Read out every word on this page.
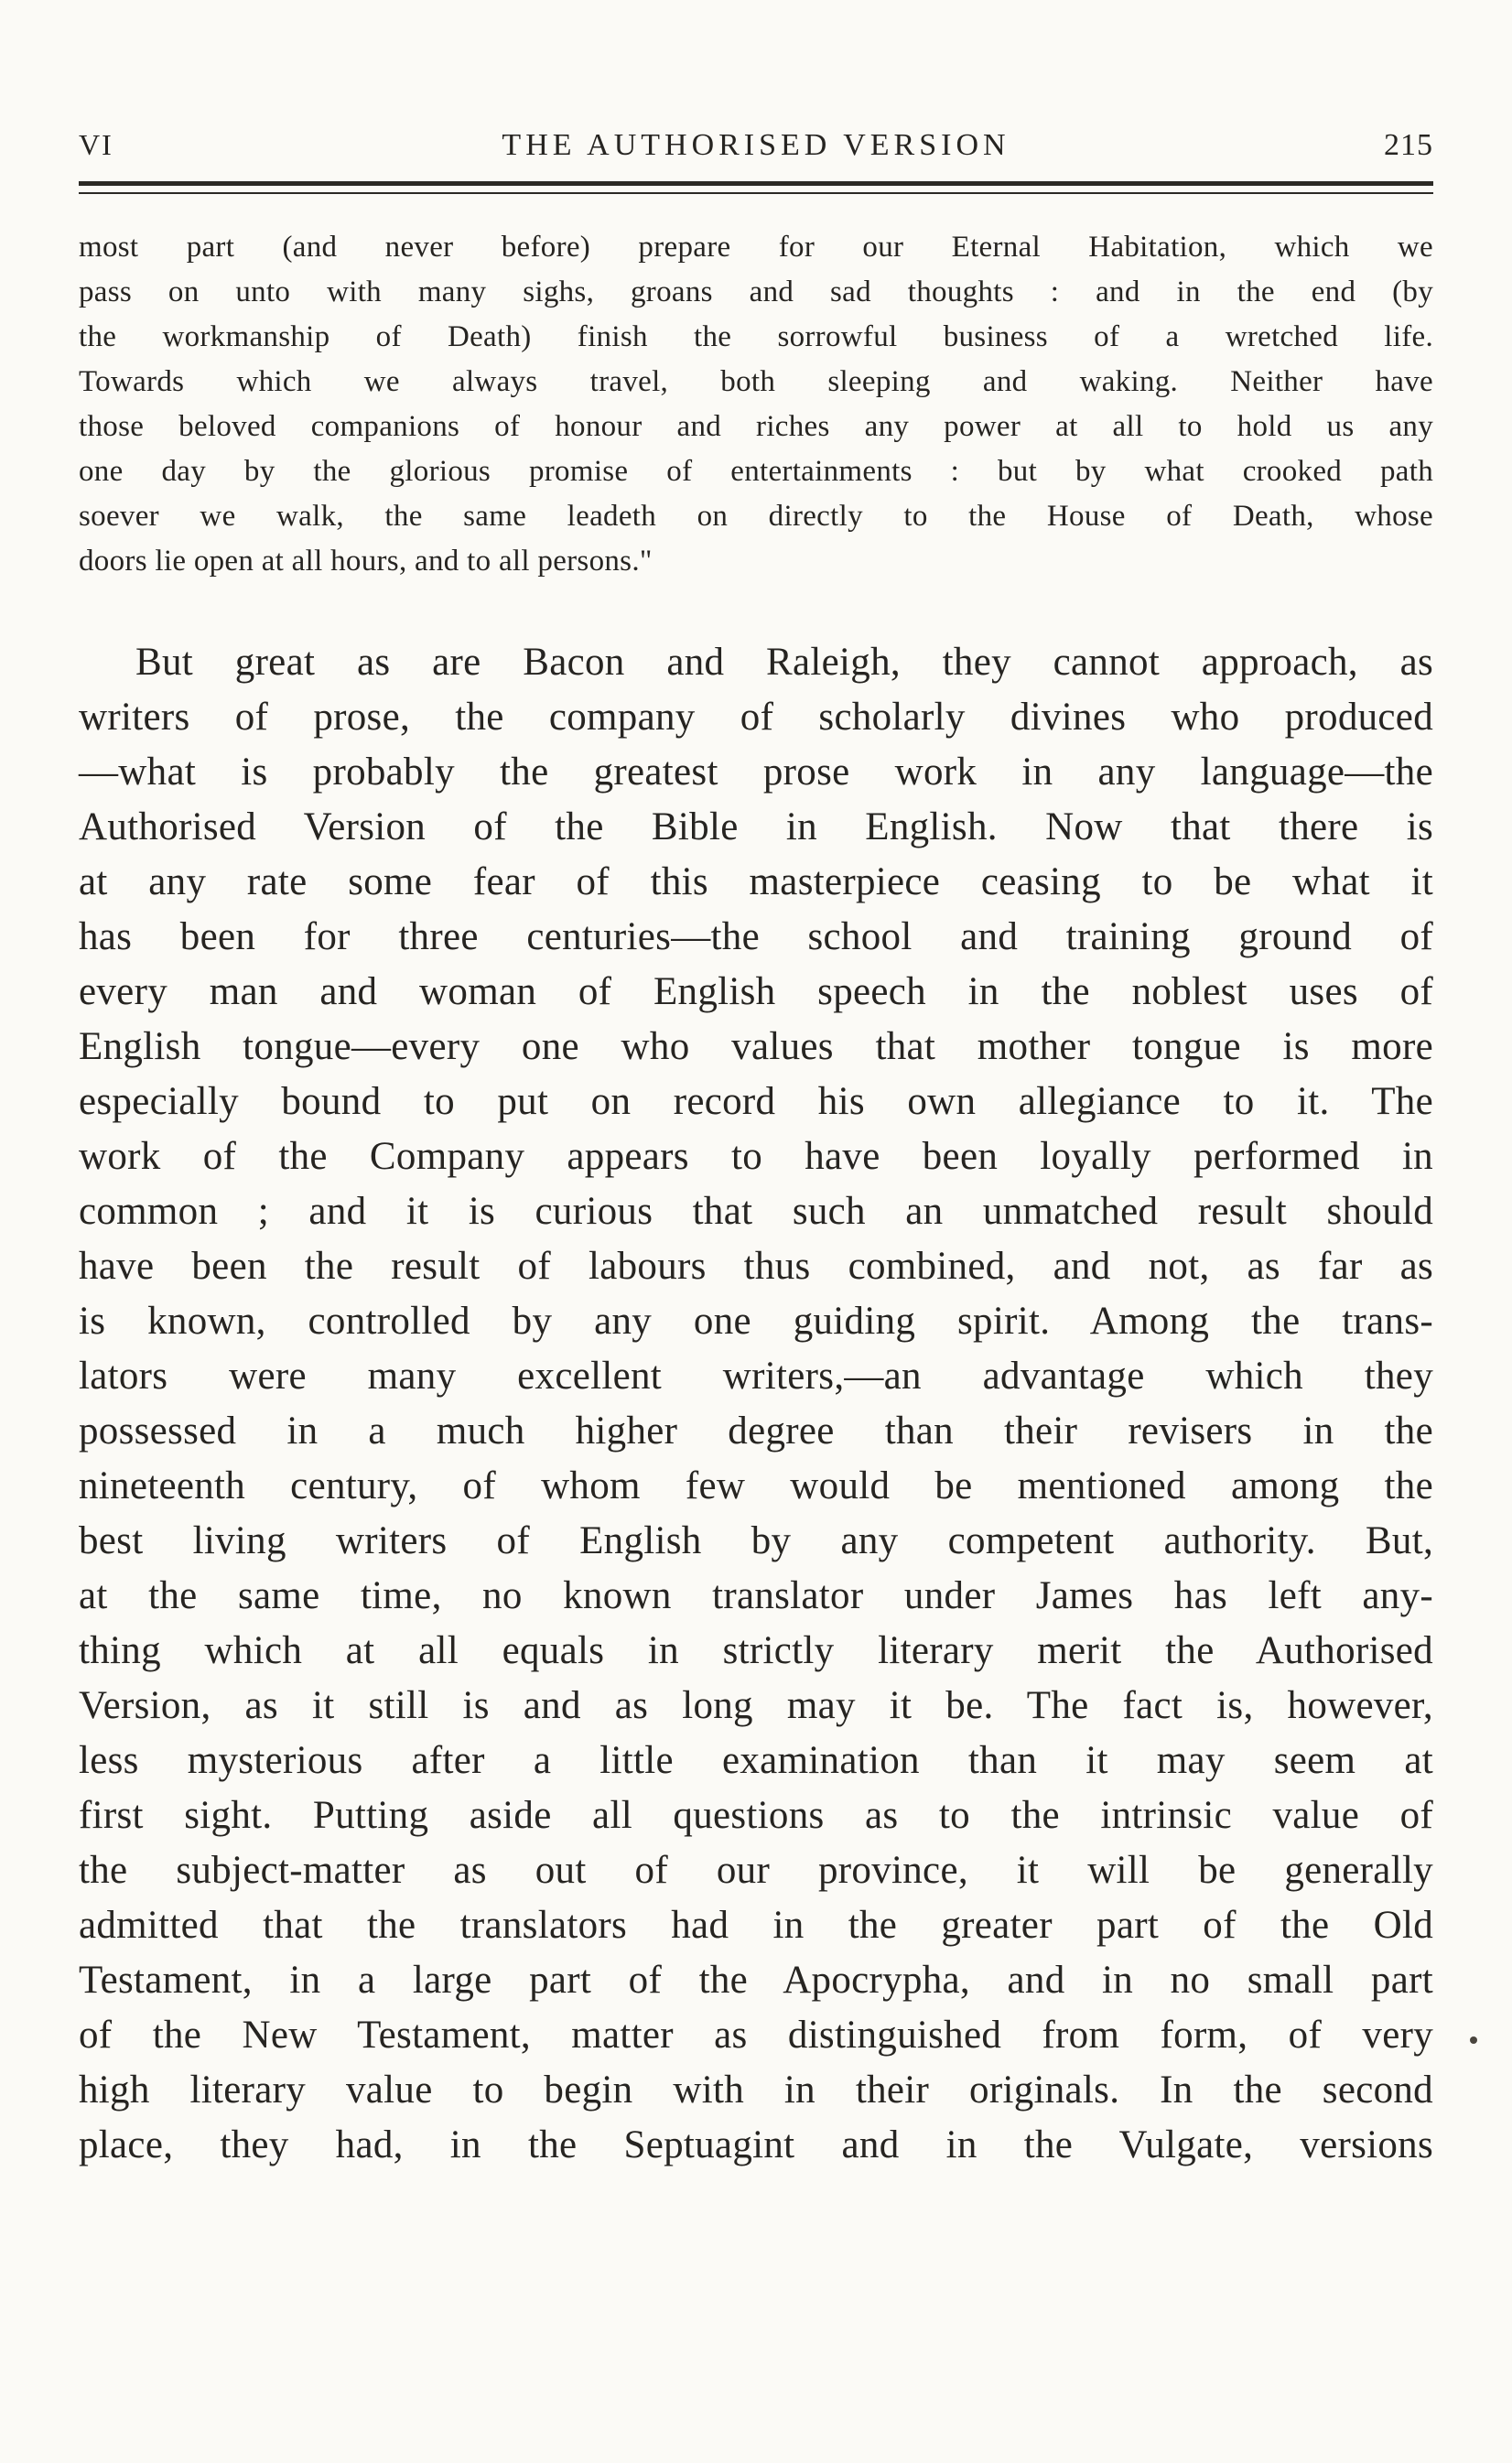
VI	THE AUTHORISED VERSION	215
most part (and never before) prepare for our Eternal Habitation, which we
pass on unto with many sighs, groans and sad thoughts : and in the end (by
the workmanship of Death) finish the sorrowful business of a wretched life.
Towards which we always travel, both sleeping and waking. Neither have
those beloved companions of honour and riches any power at all to hold us any
one day by the glorious promise of entertainments : but by what crooked path
soever we walk, the same leadeth on directly to the House of Death, whose
doors lie open at all hours, and to all persons."
But great as are Bacon and Raleigh, they cannot approach, as
writers of prose, the company of scholarly divines who produced
—what is probably the greatest prose work in any language—the
Authorised Version of the Bible in English. Now that there is
at any rate some fear of this masterpiece ceasing to be what it
has been for three centuries—the school and training ground of
every man and woman of English speech in the noblest uses of
English tongue—every one who values that mother tongue is more
especially bound to put on record his own allegiance to it. The
work of the Company appears to have been loyally performed in
common ; and it is curious that such an unmatched result should
have been the result of labours thus combined, and not, as far as
is known, controlled by any one guiding spirit. Among the trans-
lators were many excellent writers,—an advantage which they
possessed in a much higher degree than their revisers in the
nineteenth century, of whom few would be mentioned among the
best living writers of English by any competent authority. But,
at the same time, no known translator under James has left any-
thing which at all equals in strictly literary merit the Authorised
Version, as it still is and as long may it be. The fact is, however,
less mysterious after a little examination than it may seem at
first sight. Putting aside all questions as to the intrinsic value of
the subject-matter as out of our province, it will be generally
admitted that the translators had in the greater part of the Old
Testament, in a large part of the Apocrypha, and in no small part
of the New Testament, matter as distinguished from form, of very
high literary value to begin with in their originals. In the second
place, they had, in the Septuagint and in the Vulgate, versions
